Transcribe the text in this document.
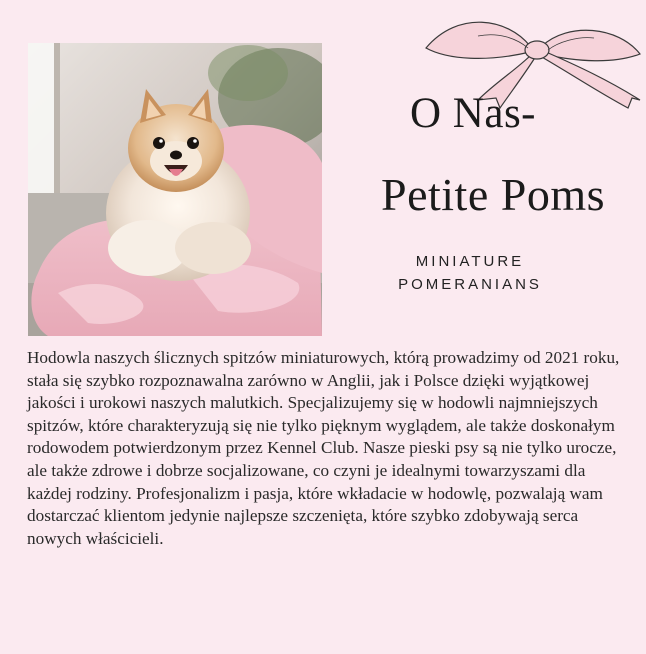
O Nas-
Petite Poms
MINIATURE
POMERANIANS

Hodowla naszych ślicznych spitzów miniaturowych, którą prowadzimy od 2021 roku, stała się szybko rozpoznawalna zarówno w Anglii, jak i Polsce dzięki wyjątkowej jakości i urokowi naszych malutkich. Specjalizujemy się w hodowli najmniejszych spitzów, które charakteryzują się nie tylko pięknym wyglądem, ale także doskonałym rodowodem potwierdzonym przez Kennel Club. Nasze pieski psy są nie tylko urocze, ale także zdrowe i dobrze socjalizowane, co czyni je idealnymi towarzyszami dla każdej rodziny. Profesjonalizm i pasja, które wkładacie w hodowlę, pozwalają wam dostarczać klientom jedynie najlepsze szczenięta, które szybko zdobywają serca nowych właścicieli.
